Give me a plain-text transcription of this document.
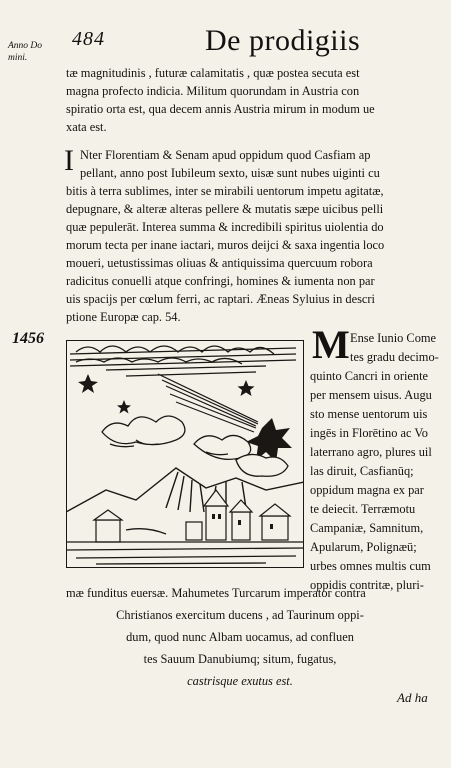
Anno Do
mini.
484	De prodigiis
tæ magnitudinis , futuræ calamitatis , quæ postea secuta est
magna profecto indicia. Militum quorundam in Austria con
spiratio orta est, qua decem annis Austria mirum in modum ue
xata est.
I Nter Florentiam & Senam apud oppidum quod Casfiam ap
pellant, anno post Iubileum sexto, uisæ sunt nubes uiginti cu
bitis à terra sublimes, inter se mirabili uentorum impetu agitatæ,
depugnare, & alteræ alteras pellere & mutatis sæpe uicibus pelli
quæ pepulerāt. Interea summa & incredibili spiritus uiolentia do
morum tecta per inane iactari, muros deijci & saxa ingentia loco
moueri, uetustissimas oliuas & antiquissima quercuum robora
radicitus conuelli atque confringi, homines & iumenta non par
uis spacijs per cœlum ferri, ac raptari. Æneas Syluius in descri
ptione Europæ cap. 54.
1456	M Ense Iunio Come
tes gradu decimo-
quinto Cancri in oriente
per mensem uisus. Augu
sto mense uentorum uis
ingēs in Florētino ac Vo
laterrano agro, plures uil
las diruit, Casfianūq;
oppidum magna ex par
te deiecit. Terræmotu
Campaniæ, Samnitum,
Apularum, Polignæū;
urbes omnes multis cum
oppidis contritæ, pluri-
mæ funditus euersæ. Mahumetes Turcarum imperator contra
Christianos exercitum ducens , ad Taurinum oppi-
dum, quod nunc Albam uocamus, ad confluen
tes Sauum Danubiumq; situm, fugatus,
castrisque exutus est.
Ad ha
